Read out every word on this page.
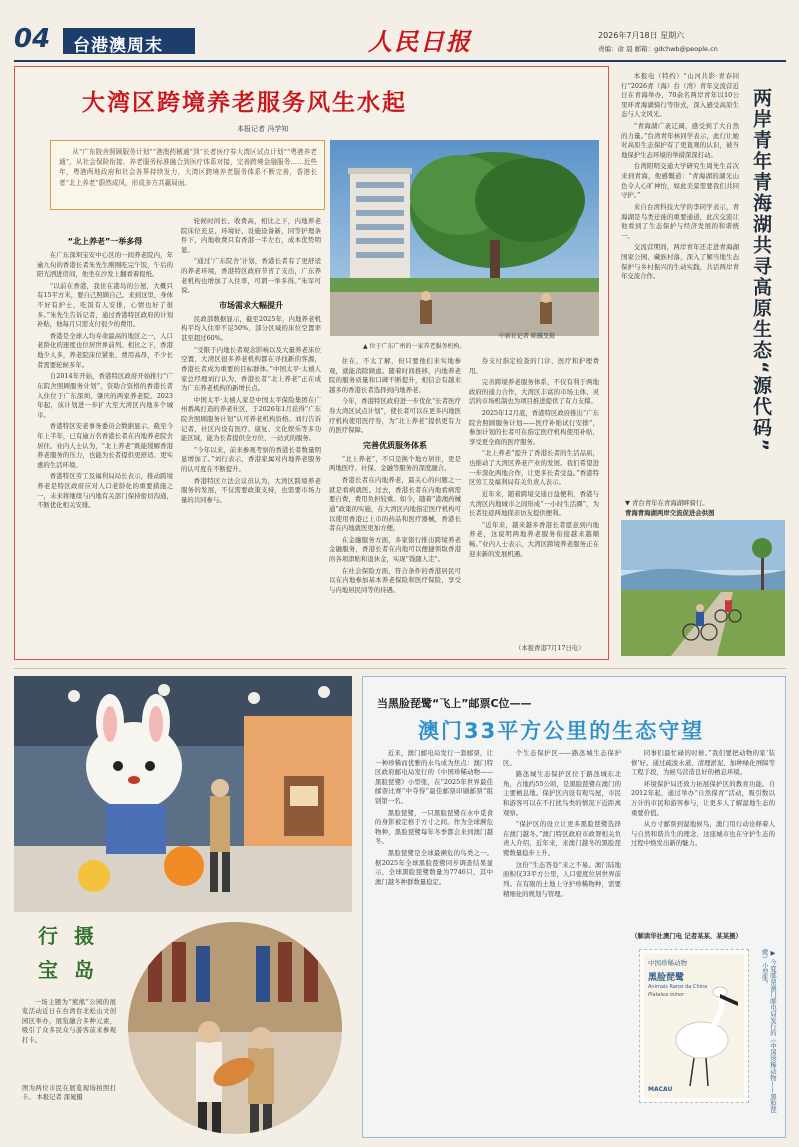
04 台港澳周末	人民日报	2026年7月18日 星期六
责编：俞 晨 邮箱：gdchwb@people.cn
大湾区跨境养老服务风生水起
本报记者 冯学知
从“广东院舍照顾服务计划”“港澳药械通”到“长者医疗券大湾区试点计划”“粤港养老通”，从社会保险衔接、养老服务标准融合到医疗体系对接，完善跨境金融服务……近些年，粤港两地政府和社会各界持续发力，大湾区跨境养老服务体系不断完善，香港长者“北上养老”蔚然成风，形成多方共赢局面。
▲ 位于广东广州的一家养老服务机构。
中新社记者 陈骥旻摄
“北上养老”一举多得

在广东深圳宝安中心区的一间养老院内，年逾九旬的香港长者朱先生刚刚吃完午饭，午后的阳光洒进房间，他坐在沙发上翻看着报纸。

“以前在香港，我住在港岛的公屋，大概只有15平方米，要自己照顾自己。来到这里，身体不好有护士，吃饭有人安排，心情也好了很多。”朱先生告诉记者，通过香港特区政府的计划补贴，他每月只需支付很少的费用。

香港是全球人均寿命最高的地区之一，人口老龄化的速度也位居世界前列。相比之下，香港地少人多，养老院床位紧张、费用高昂，不少长者需要轮候多年。

自2014年开始，香港特区政府开始推行“广东院舍照顾服务计划”，资助合资格的香港长者入住位于广东深圳、肇庆的两家养老院。2023年起，该计划进一步扩大至大湾区内地多个城市。

香港特区安老事务委员会数据显示，截至今年上半年，已有逾万名香港长者在内地养老院舍居住。业内人士认为，“北上养老”既能缓解香港养老服务的压力，也能为长者提供更舒适、更实惠的生活环境。

香港特区劳工及福利局局长表示，推动跨境养老是特区政府应对人口老龄化的重要措施之一，未来将继续与内地有关部门保持密切沟通，不断优化相关安排。

轮候时间长、收费高，相比之下，内地养老院床位充足、环境好、设施设备新，同等护理条件下，内地收费只有香港一半左右，成本优势明显。

“通过‘广东院舍’计划，香港长者有了更舒适的养老环境，香港特区政府节省了支出，广东养老机构也增加了入住率，可谓一举多得。”朱军可说。

市场需求大幅提升

民政部数据显示，截至2025年，内地养老机构平均入住率不足50%，部分区域的床位空置率甚至超过60%。

“受限于内地长者观念影响以及大量养老床位空置，大湾区很多养老机构都在寻找新的客源，香港长者成为重要的目标群体。”中国太平·太禧人家总经理刘行认为，香港长者“北上养老”正在成为广东养老机构的新增长点。

中国太平·太禧人家是中国太平保险集团在广州番禺打造的养老社区，于2026年1月获得“广东院舍照顾服务计划”认可养老机构资格。刘行告诉记者，社区内设有医疗、康复、文化娱乐等多功能区域，能为长者提供全方位、一站式的服务。

“今年以来，前来参观考察的香港长者数量明显增加了。”刘行表示，香港家属对内地养老服务的认可度在不断提升。

香港特区立法会议员认为，大湾区跨境养老服务的发展，不仅需要政策支持，也需要市场力量的共同参与。

住在，不太了解，但只要他们来实地参观，就能消除顾虑。随着时间推移，内地养老院的服务质量和口碑不断提升，相信会有越来越多的香港长者选择到内地养老。

今年，香港特区政府进一步优化“长者医疗券大湾区试点计划”，使长者可以在更多内地医疗机构使用医疗券，为“北上养老”提供更有力的医疗保障。

完善优质服务体系

“北上养老”，不只是换个地方居住，更是两地医疗、社保、金融等服务的深度融合。

香港长者在内地养老，最关心的问题之一就是看病就医。过去，香港长者在内地看病需要自费，费用负担较重。如今，随着“港澳药械通”政策的实施，在大湾区内地指定医疗机构可以使用香港已上市的药品和医疗器械，香港长者在内地就医更加方便。

在金融服务方面，多家银行推出跨境养老金融服务，香港长者在内地可以便捷领取香港的各项津贴和退休金，实现“钱随人走”。

在社会保险方面，符合条件的香港居民可以在内地参加基本养老保险和医疗保险，享受与内地居民同等的待遇。

券支付指定检查的门诊、医疗和护理费用。

完善跨境养老服务体系，不仅有利于两地政府的通力合作，大湾区丰富的市场主体、灵活的市场机制也为项目推进提供了有力支撑。

2025年12月底，香港特区政府推出“广东院舍照顾服务计划——医疗补贴试行安排”，参加计划的长者可在指定医疗机构使用补贴，享受更全面的医疗服务。

“北上养老”提升了香港长者的生活品质，也推动了大湾区养老产业的发展。我们希望进一步深化两地合作，让更多长者受益。”香港特区劳工及福利局有关负责人表示。

近年来，随着跨境交通日益便利，香港与大湾区内地城市之间形成“一小时生活圈”，为长者往返两地探亲访友提供便利。

“近年来，越来越多香港长者愿意到内地养老，这说明两地养老服务衔接越来越顺畅。”业内人士表示，大湾区跨境养老服务正在迎来新的发展机遇。

（本报香港7月17日电）

本报电（特约）“山河共影·青春同行”2026青（海）台（湾）青年交流营近日在青海举办，70余名两岸青年以10公里环青海湖骑行等形式，深入感受高原生态与人文风光。

“青海湖广袤辽阔，感受到了大自然的力量。”台湾青年林同学表示，此行让她对高原生态保护有了更直观的认识，被当地保护生态环境的举措深深打动。

台湾阳明交通大学研究生周先生首次来到青海，他感慨道：“青海湖的湖光山色令人心旷神怡，如此美景需要我们共同守护。”

来自台湾科技大学的李同学表示，青海湖是鸟类迁徙的重要通道，此次交流让他看到了生态保护与经济发展的和谐统一。

交流营期间，两岸青年还走进青海湖国家公园、藏族村落，深入了解当地生态保护与乡村振兴的生动实践，共话两岸青年交流合作。	两岸青年青海湖共寻高原生态“源代码”
▼ 青台青年在青海湖畔骑行。
青海青海湖两岸交流促进会供图
行 摄
宝 岛
一场主题为“熊熊”公园的展览活动近日在台湾台北松山文创园区举办，展览融合多种元素，吸引了众多民众与游客前来参观打卡。
图为两位市民在展览现场拍照打卡。 本报记者 深晁摄
当黑脸琵鹭“飞上”邮票C位——
澳门33平方公里的生态守望

近来，澳门邮电局发行一套邮票，让一种珍稀而优雅的水鸟成为焦点：澳门特区政府邮电局发行的《中国珍稀动物——黑脸琵鹭》小型张，在“2025年世界最佳邮票比赛”中夺得“最佳邮票印刷邮票”组别第一名。

黑脸琵鹭，一只黑脸琵鹭在水中觅食的身影被定格于方寸之间。作为全球濒危物种，黑脸琵鹭每年冬季都会来到澳门越冬。

黑脸琵鹭是全球最濒危的鸟类之一。据2025年全球黑脸琵鹭同步调查结果显示，全球黑脸琵鹭数量为7746只，其中澳门越冬种群数量稳定。

个生态保护区——路氹城生态保护区。

路氹城生态保护区位于路氹城东北角，占地约55公顷，是黑脸琵鹭在澳门的主要栖息地。保护区内设有观鸟屋，市民和游客可以在不打扰鸟类的情况下近距离观察。

“保护区的设立让更多黑脸琵鹭选择在澳门越冬。”澳门特区政府市政署相关负责人介绍，近年来，来澳门越冬的黑脸琵鹭数量稳步上升。

这份“生态答卷”来之不易。澳门陆地面积仅33平方公里，人口密度位居世界前列。在有限的土地上守护珍稀物种，需要精细化的规划与管理。

同事们最忙碌的时候。”我们要把动物的家‘装修’好。通过疏浚水道、清理淤泥、加种绿化屏障等工程手段，为候鸟营造良好的栖息环境。

环境保护局还致力拓展保护区的教育功能。自2012年起，通过举办“自然保育”活动，吸引数以万计的市民和游客参与，让更多人了解湿地生态的重要价值。

从方寸邮票到湿地候鸟，澳门用行动诠释着人与自然和谐共生的理念，这座城市也在守护生态的过程中焕发出新的魅力。

（解读华社澳门电 记者某某、某某摄）
中国珍稀动物
黑脸琵鹭
Animais Raros da China
Platalea minor
MACAU	▶ 今夏邮票澳门邮电局发行的《中国珍稀动物——黑脸琵鹭》小型张。
